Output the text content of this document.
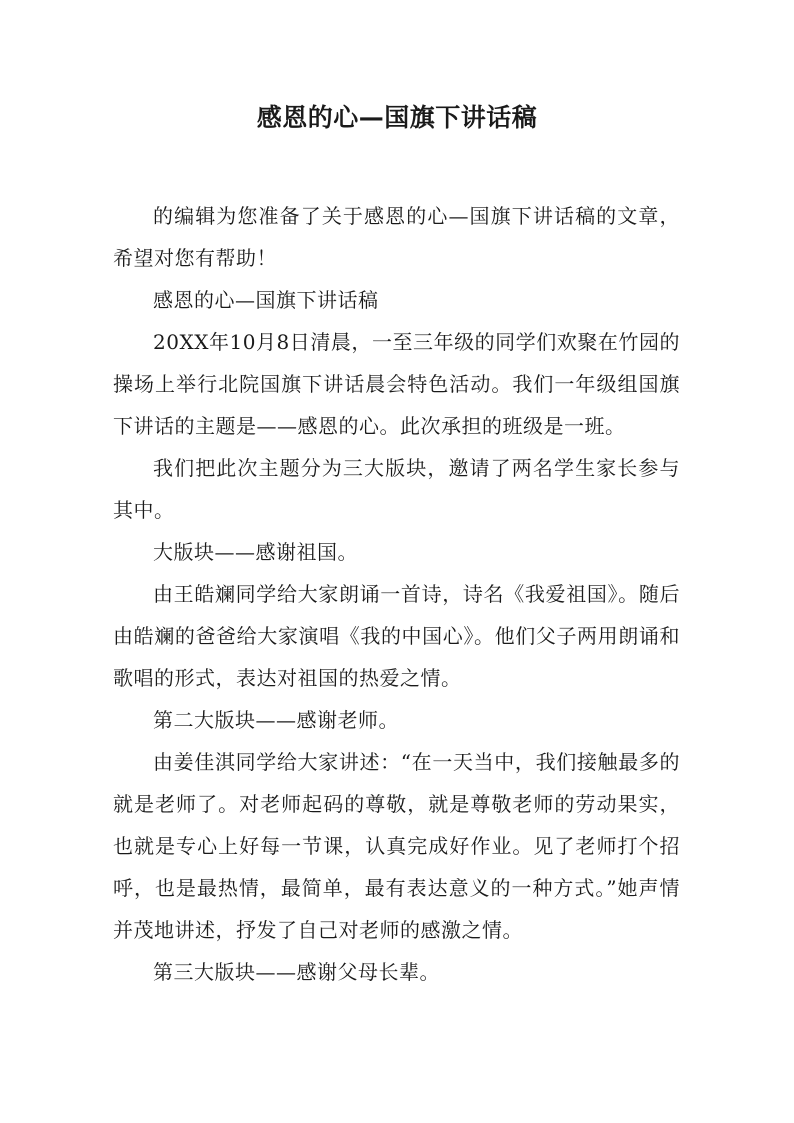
感恩的心—国旗下讲话稿

的编辑为您准备了关于感恩的心—国旗下讲话稿的文章，希望对您有帮助！

感恩的心—国旗下讲话稿

20XX年10月8日清晨，一至三年级的同学们欢聚在竹园的操场上举行北院国旗下讲话晨会特色活动。我们一年级组国旗下讲话的主题是——感恩的心。此次承担的班级是一班。

我们把此次主题分为三大版块，邀请了两名学生家长参与其中。

大版块——感谢祖国。

由王皓斓同学给大家朗诵一首诗，诗名《我爱祖国》。随后由皓斓的爸爸给大家演唱《我的中国心》。他们父子两用朗诵和歌唱的形式，表达对祖国的热爱之情。

第二大版块——感谢老师。

由姜佳淇同学给大家讲述：“在一天当中，我们接触最多的就是老师了。对老师起码的尊敬，就是尊敬老师的劳动果实，也就是专心上好每一节课，认真完成好作业。见了老师打个招呼，也是最热情，最简单，最有表达意义的一种方式。”她声情并茂地讲述，抒发了自己对老师的感激之情。

第三大版块——感谢父母长辈。
